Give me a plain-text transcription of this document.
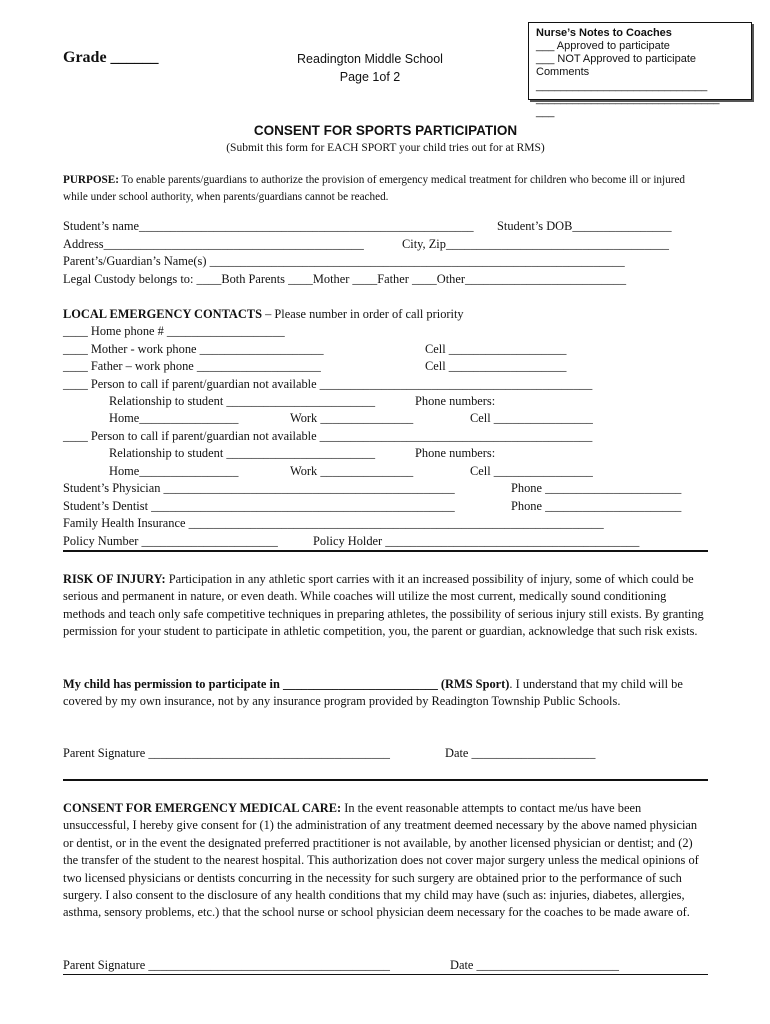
Grade ______	Readington Middle School
Page 1of 2
Nurse’s Notes to Coaches
___ Approved to participate
___ NOT Approved to participate
Comments
____________________________
______________________________
___
CONSENT FOR SPORTS PARTICIPATION
(Submit this form for EACH SPORT your child tries out for at RMS)
PURPOSE: To enable parents/guardians to authorize the provision of emergency medical treatment for children who become ill or injured while under school authority, when parents/guardians cannot be reached.
Student’s name______________________________________________________ Student’s DOB________________
Address__________________________________________	City, Zip____________________________________
Parent’s/Guardian’s Name(s) ___________________________________________________________________
Legal Custody belongs to: ____Both Parents ____Mother ____Father ____Other__________________________
LOCAL EMERGENCY CONTACTS – Please number in order of call priority
____ Home phone # ___________________
____ Mother - work phone ____________________	Cell ___________________
____ Father – work phone ____________________	Cell ___________________
____ Person to call if parent/guardian not available ____________________________________________
Relationship to student ________________________	Phone numbers:
Home________________	Work _______________	Cell ________________
____ Person to call if parent/guardian not available ____________________________________________
Relationship to student ________________________	Phone numbers:
Home________________	Work _______________	Cell ________________
Student’s Physician _______________________________________________	Phone ______________________
Student’s Dentist _________________________________________________	Phone ______________________
Family Health Insurance ___________________________________________________________________
Policy Number ______________________	Policy Holder _________________________________________
RISK OF INJURY: Participation in any athletic sport carries with it an increased possibility of injury, some of which could be serious and permanent in nature, or even death. While coaches will utilize the most current, medically sound conditioning methods and teach only safe competitive techniques in preparing athletes, the possibility of serious injury still exists. By granting permission for your student to participate in athletic competition, you, the parent or guardian, acknowledge that such risk exists.
My child has permission to participate in _________________________ (RMS Sport). I understand that my child will be covered by my own insurance, not by any insurance program provided by Readington Township Public Schools.
Parent Signature _______________________________________	Date ____________________
CONSENT FOR EMERGENCY MEDICAL CARE: In the event reasonable attempts to contact me/us have been unsuccessful, I hereby give consent for (1) the administration of any treatment deemed necessary by the above named physician or dentist, or in the event the designated preferred practitioner is not available, by another licensed physician or dentist; and (2) the transfer of the student to the nearest hospital. This authorization does not cover major surgery unless the medical opinions of two licensed physicians or dentists concurring in the necessity for such surgery are obtained prior to the performance of such surgery. I also consent to the disclosure of any health conditions that my child may have (such as: injuries, diabetes, allergies, asthma, sensory problems, etc.) that the school nurse or school physician deem necessary for the coaches to be made aware of.
Parent Signature _______________________________________	Date _______________________
